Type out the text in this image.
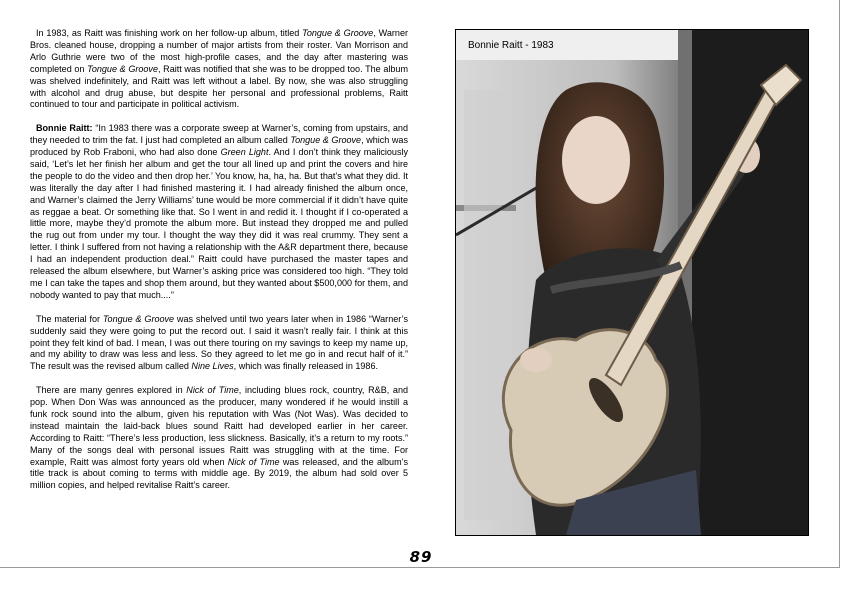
In 1983, as Raitt was finishing work on her follow-up album, titled Tongue & Groove, Warner Bros. cleaned house, dropping a number of major artists from their roster. Van Morrison and Arlo Guthrie were two of the most high-profile cases, and the day after mastering was completed on Tongue & Groove, Raitt was notified that she was to be dropped too. The album was shelved indefinitely, and Raitt was left without a label. By now, she was also struggling with alcohol and drug abuse, but despite her personal and professional problems, Raitt continued to tour and participate in political activism.

Bonnie Raitt: “In 1983 there was a corporate sweep at Warner’s, coming from upstairs, and they needed to trim the fat. I just had completed an album called Tongue & Groove, which was produced by Rob Fraboni, who had also done Green Light. And I don’t think they maliciously said, ‘Let’s let her finish her album and get the tour all lined up and print the covers and hire the people to do the video and then drop her.’ You know, ha, ha, ha. But that’s what they did. It was literally the day after I had finished mastering it. I had already finished the album once, and Warner’s claimed the Jerry Williams’ tune would be more commercial if it didn’t have quite as reggae a beat. Or something like that. So I went in and redid it. I thought if I co-operated a little more, maybe they’d promote the album more. But instead they dropped me and pulled the rug out from under my tour. I thought the way they did it was real crummy. They sent a letter. I think I suffered from not having a relationship with the A&R department there, because I had an independent production deal.” Raitt could have purchased the master tapes and released the album elsewhere, but Warner’s asking price was considered too high. “They told me I can take the tapes and shop them around, but they wanted about $500,000 for them, and nobody wanted to pay that much....”

The material for Tongue & Groove was shelved until two years later when in 1986 “Warner’s suddenly said they were going to put the record out. I said it wasn’t really fair. I think at this point they felt kind of bad. I mean, I was out there touring on my savings to keep my name up, and my ability to draw was less and less. So they agreed to let me go in and recut half of it.” The result was the revised album called Nine Lives, which was finally released in 1986.

There are many genres explored in Nick of Time, including blues rock, country, R&B, and pop. When Don Was was announced as the producer, many wondered if he would instill a funk rock sound into the album, given his reputation with Was (Not Was). Was decided to instead maintain the laid-back blues sound Raitt had developed earlier in her career. According to Raitt: “There’s less production, less slickness. Basically, it’s a return to my roots.” Many of the songs deal with personal issues Raitt was struggling with at the time. For example, Raitt was almost forty years old when Nick of Time was released, and the album’s title track is about coming to terms with middle age. By 2019, the album had sold over 5 million copies, and helped revitalise Raitt’s career.

Bonnie Raitt - 1983
89
